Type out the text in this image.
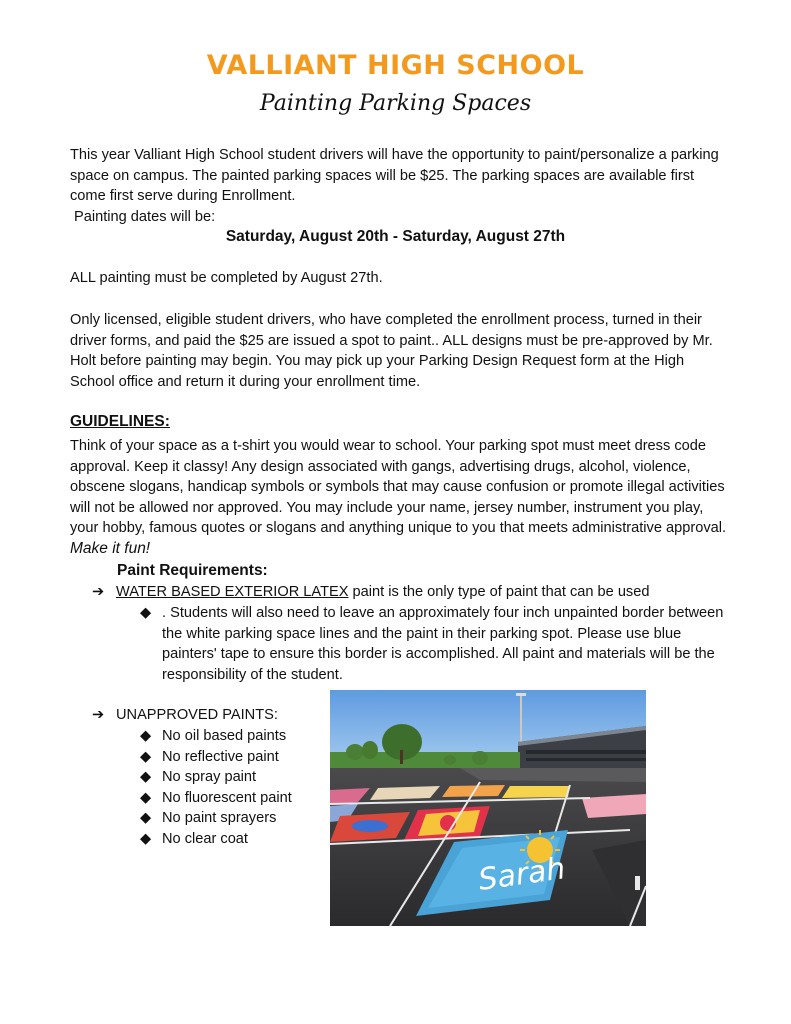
VALLIANT HIGH SCHOOL
Painting Parking Spaces
This year Valliant High School student drivers will have the opportunity to paint/personalize a parking space on campus. The painted parking spaces will be $25. The parking spaces are available first come first serve during Enrollment.
Painting dates will be:
Saturday, August 20th - Saturday, August 27th
ALL painting must be completed by August 27th.
Only licensed, eligible student drivers, who have completed the enrollment process, turned in their driver forms, and paid the $25 are issued a spot to paint.. ALL designs must be pre-approved by Mr. Holt before painting may begin. You may pick up your Parking Design Request form at the High School office and return it during your enrollment time.
GUIDELINES:
Think of your space as a t-shirt you would wear to school. Your parking spot must meet dress code approval. Keep it classy! Any design associated with gangs, advertising drugs, alcohol, violence, obscene slogans, handicap symbols or symbols that may cause confusion or promote illegal activities will not be allowed nor approved. You may include your name, jersey number, instrument you play, your hobby, famous quotes or slogans and anything unique to you that meets administrative approval. Make it fun!
Paint Requirements:
➔ WATER BASED EXTERIOR LATEX paint is the only type of paint that can be used
◆ . Students will also need to leave an approximately four inch unpainted border between the white parking space lines and the paint in their parking spot. Please use blue painters' tape to ensure this border is accomplished. All paint and materials will be the responsibility of the student.
➔ UNAPPROVED PAINTS:
◆ No oil based paints
◆ No reflective paint
◆ No spray paint
◆ No fluorescent paint
◆ No paint sprayers
◆ No clear coat
Sarah
